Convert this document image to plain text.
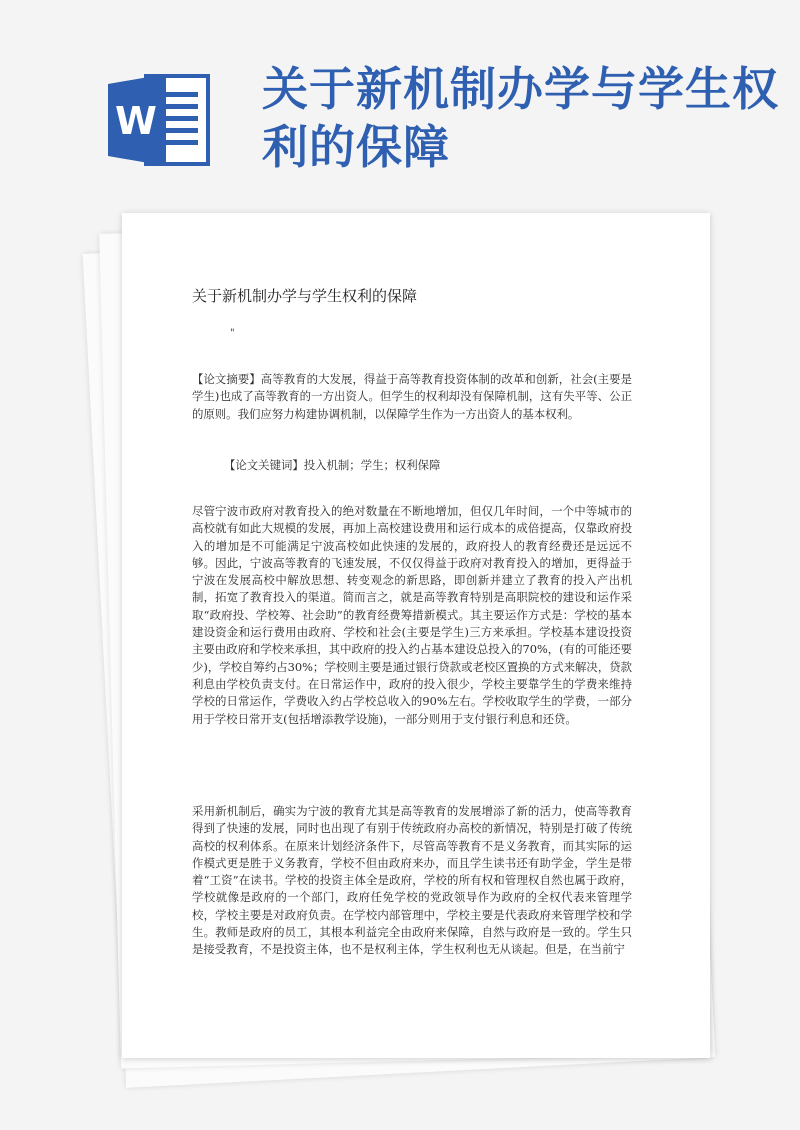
W
关于新机制办学与学生权利的保障
关于新机制办学与学生权利的保障
"

【论文摘要】高等教育的大发展，得益于高等教育投资体制的改革和创新，社会(主要是学生)也成了高等教育的一方出资人。但学生的权利却没有保障机制，这有失平等、公正的原则。我们应努力构建协调机制，以保障学生作为一方出资人的基本权利。

【论文关键词】投入机制；学生；权利保障

尽管宁波市政府对教育投入的绝对数量在不断地增加，但仅几年时间，一个中等城市的高校就有如此大规模的发展，再加上高校建设费用和运行成本的成倍提高，仅靠政府投入的增加是不可能满足宁波高校如此快速的发展的，政府投人的教育经费还是远远不够。因此，宁波高等教育的飞速发展，不仅仅得益于政府对教育投入的增加，更得益于宁波在发展高校中解放思想、转变观念的新思路，即创新并建立了教育的投入产出机制，拓宽了教育投入的渠道。简而言之，就是高等教育特别是高职院校的建设和运作采取“政府投、学校筹、社会助”的教育经费筹措新模式。其主要运作方式是：学校的基本建设资金和运行费用由政府、学校和社会(主要是学生)三方来承担。学校基本建设投资主要由政府和学校来承担，其中政府的投入约占基本建设总投入的70%，(有的可能还要少)，学校自筹约占30%；学校则主要是通过银行贷款或老校区置换的方式来解决，贷款利息由学校负责支付。在日常运作中，政府的投入很少，学校主要靠学生的学费来维持学校的日常运作，学费收入约占学校总收入的90%左右。学校收取学生的学费，一部分用于学校日常开支(包括增添教学设施)，一部分则用于支付银行利息和还贷。

采用新机制后，确实为宁波的教育尤其是高等教育的发展增添了新的活力，使高等教育得到了快速的发展，同时也出现了有别于传统政府办高校的新情况，特别是打破了传统高校的权利体系。在原来计划经济条件下，尽管高等教育不是义务教育，而其实际的运作模式更是胜于义务教育，学校不但由政府来办，而且学生读书还有助学金，学生是带着“工资”在读书。学校的投资主体全是政府，学校的所有权和管理权自然也属于政府，学校就像是政府的一个部门，政府任免学校的党政领导作为政府的全权代表来管理学校，学校主要是对政府负责。在学校内部管理中，学校主要是代表政府来管理学校和学生。教师是政府的员工，其根本利益完全由政府来保障，自然与政府是一致的。学生只是接受教育，不是投资主体，也不是权利主体，学生权利也无从谈起。但是，在当前宁
